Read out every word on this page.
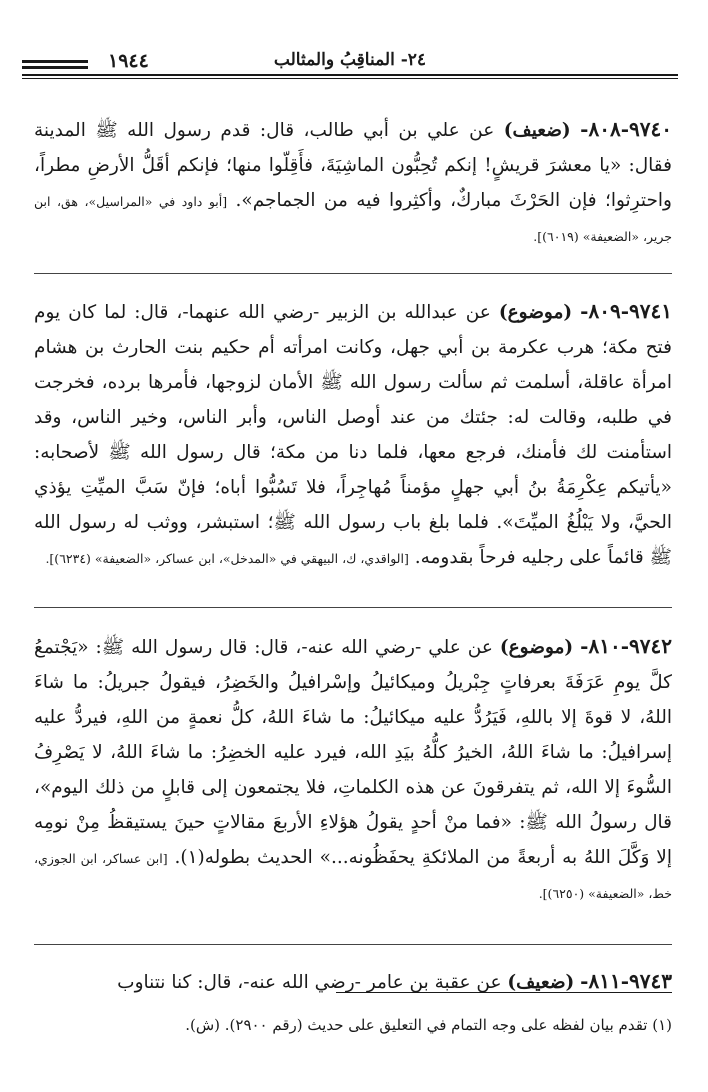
٢٤- المناقِبُ والمثالب
١٩٤٤

٩٧٤٠-٨٠٨- (ضعيف) عن علي بن أبي طالب، قال: قدم رسول الله ﷺ المدينة فقال: «يا معشرَ قريشٍ! إنكم تُحِبُّون الماشِيَةَ، فأَقِلّوا منها؛ فإنكم أقَلُّ الأرضِ مطراً، واحترِثوا؛ فإن الحَرْثَ مباركٌ، وأكثِروا فيه من الجماجم». [أبو داود في «المراسيل»، هق، ابن جرير، «الضعيفة» (٦٠١٩)].

٩٧٤١-٨٠٩- (موضوع) عن عبدالله بن الزبير -رضي الله عنهما-، قال: لما كان يوم فتح مكة؛ هرب عكرمة بن أبي جهل، وكانت امرأته أم حكيم بنت الحارث بن هشام امرأة عاقلة، أسلمت ثم سألت رسول الله ﷺ الأمان لزوجها، فأمرها برده، فخرجت في طلبه، وقالت له: جئتك من عند أوصل الناس، وأبر الناس، وخير الناس، وقد استأمنت لك فأمنك، فرجع معها، فلما دنا من مكة؛ قال رسول الله ﷺ لأصحابه: «يأتيكم عِكْرِمَةُ بنُ أبي جهلٍ مؤمناً مُهاجِراً، فلا تَسُبُّوا أباه؛ فإنّ سَبَّ الميِّتِ يؤذي الحيَّ، ولا يَبْلُغُ الميِّتَ». فلما بلغ باب رسول الله ﷺ؛ استبشر، ووثب له رسول الله ﷺ قائماً على رجليه فرحاً بقدومه. [الواقدي، ك، البيهقي في «المدخل»، ابن عساكر، «الضعيفة» (٦٢٣٤)].

٩٧٤٢-٨١٠- (موضوع) عن علي -رضي الله عنه-، قال: قال رسول الله ﷺ: «يَجْتمعُ كلَّ يومِ عَرَفَةَ بعرفاتٍ جِبْريلُ وميكائيلُ وإسْرافيلُ والخَضِرُ، فيقولُ جبريلُ: ما شاءَ اللهُ، لا قوةَ إلا باللهِ، فَيَرُدُّ عليه ميكائيلُ: ما شاءَ اللهُ، كلُّ نعمةٍ من اللهِ، فيردُّ عليه إسرافيلُ: ما شاءَ اللهُ، الخيرُ كلُّهُ بيَدِ الله، فيرد عليه الخضِرُ: ما شاءَ اللهُ، لا يَصْرِفُ السُّوءَ إلا الله، ثم يتفرقونَ عن هذه الكلماتِ، فلا يجتمعون إلى قابلٍ من ذلك اليوم»، قال رسولُ الله ﷺ: «فما منْ أحدٍ يقولُ هؤلاءِ الأربعَ مقالاتٍ حينَ يستيقظُ مِنْ نومِه إلا وَكَّلَ اللهُ به أربعةً من الملائكةِ يحفَظُونه...» الحديث بطوله(١). [ابن عساكر، ابن الجوزي، خط، «الضعيفة» (٦٢٥٠)].

٩٧٤٣-٨١١- (ضعيف) عن عقبة بن عامر -رضي الله عنه-، قال: كنا نتناوب

(١) تقدم بيان لفظه على وجه التمام في التعليق على حديث (رقم ٢٩٠٠). (ش).
